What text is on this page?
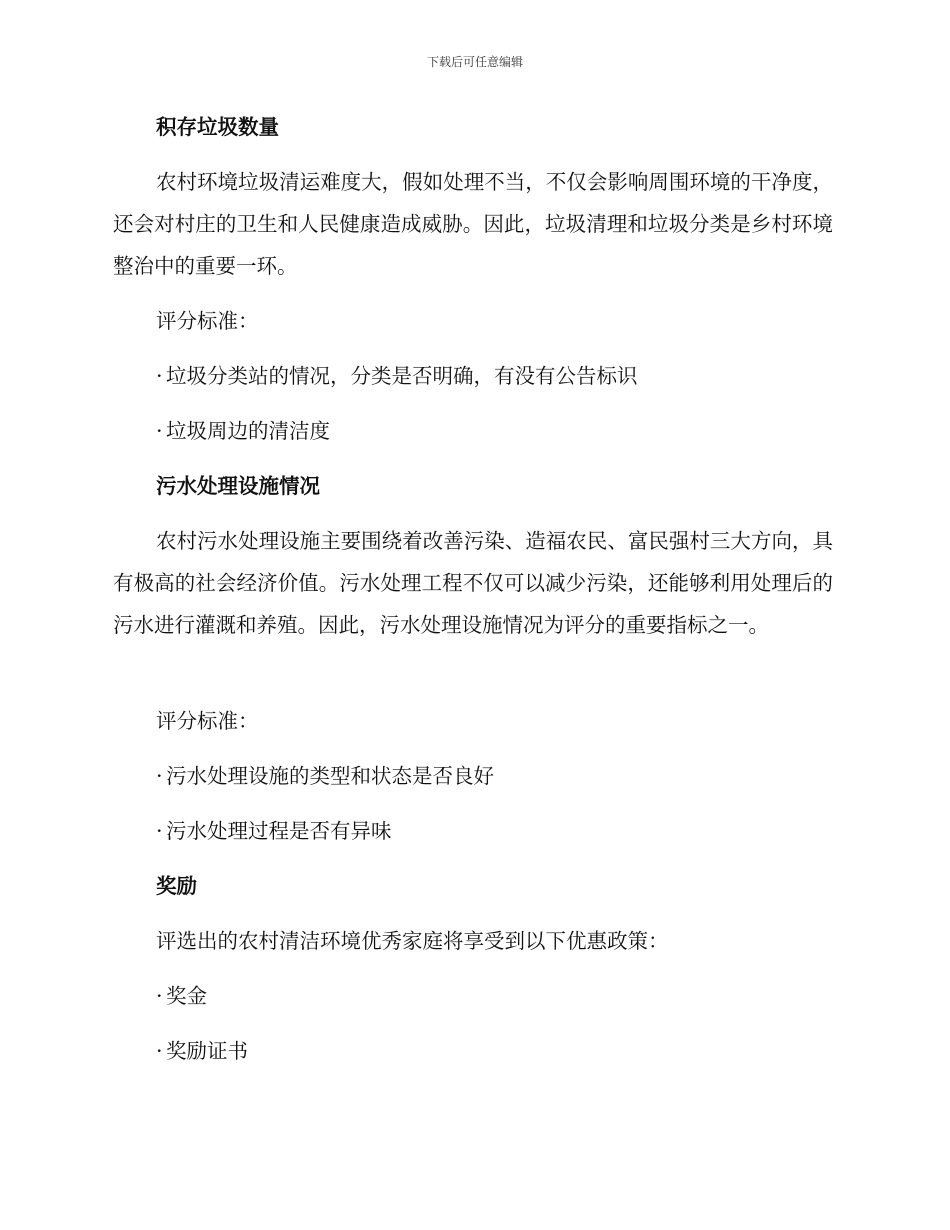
下载后可任意编辑

积存垃圾数量

农村环境垃圾清运难度大，假如处理不当，不仅会影响周围环境的干净度，还会对村庄的卫生和人民健康造成威胁。因此，垃圾清理和垃圾分类是乡村环境整治中的重要一环。

评分标准：

· 垃圾分类站的情况，分类是否明确，有没有公告标识
· 垃圾周边的清洁度

污水处理设施情况

农村污水处理设施主要围绕着改善污染、造福农民、富民强村三大方向，具有极高的社会经济价值。污水处理工程不仅可以减少污染，还能够利用处理后的污水进行灌溉和养殖。因此，污水处理设施情况为评分的重要指标之一。

评分标准：

· 污水处理设施的类型和状态是否良好
· 污水处理过程是否有异味

奖励

评选出的农村清洁环境优秀家庭将享受到以下优惠政策：

· 奖金
· 奖励证书
